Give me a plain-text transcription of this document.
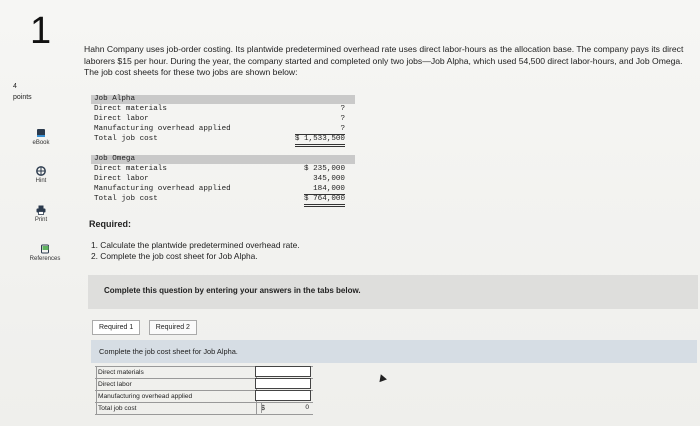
1
4
points
eBook
Hint
Print
References
Hahn Company uses job-order costing. Its plantwide predetermined overhead rate uses direct labor-hours as the allocation base. The company pays its direct laborers $15 per hour. During the year, the company started and completed only two jobs—Job Alpha, which used 54,500 direct labor-hours, and Job Omega. The job cost sheets for these two jobs are shown below:
Job Alpha
Direct materials	?
Direct labor	?
Manufacturing overhead applied	?
Total job cost	$ 1,533,500
Job Omega
Direct materials	$ 235,000
Direct labor	345,000
Manufacturing overhead applied	184,000
Total job cost	$ 764,000
Required:
1. Calculate the plantwide predetermined overhead rate.
2. Complete the job cost sheet for Job Alpha.
Complete this question by entering your answers in the tabs below.
Required 1	Required 2
Complete the job cost sheet for Job Alpha.
Direct materials
Direct labor
Manufacturing overhead applied
Total job cost	$	0
